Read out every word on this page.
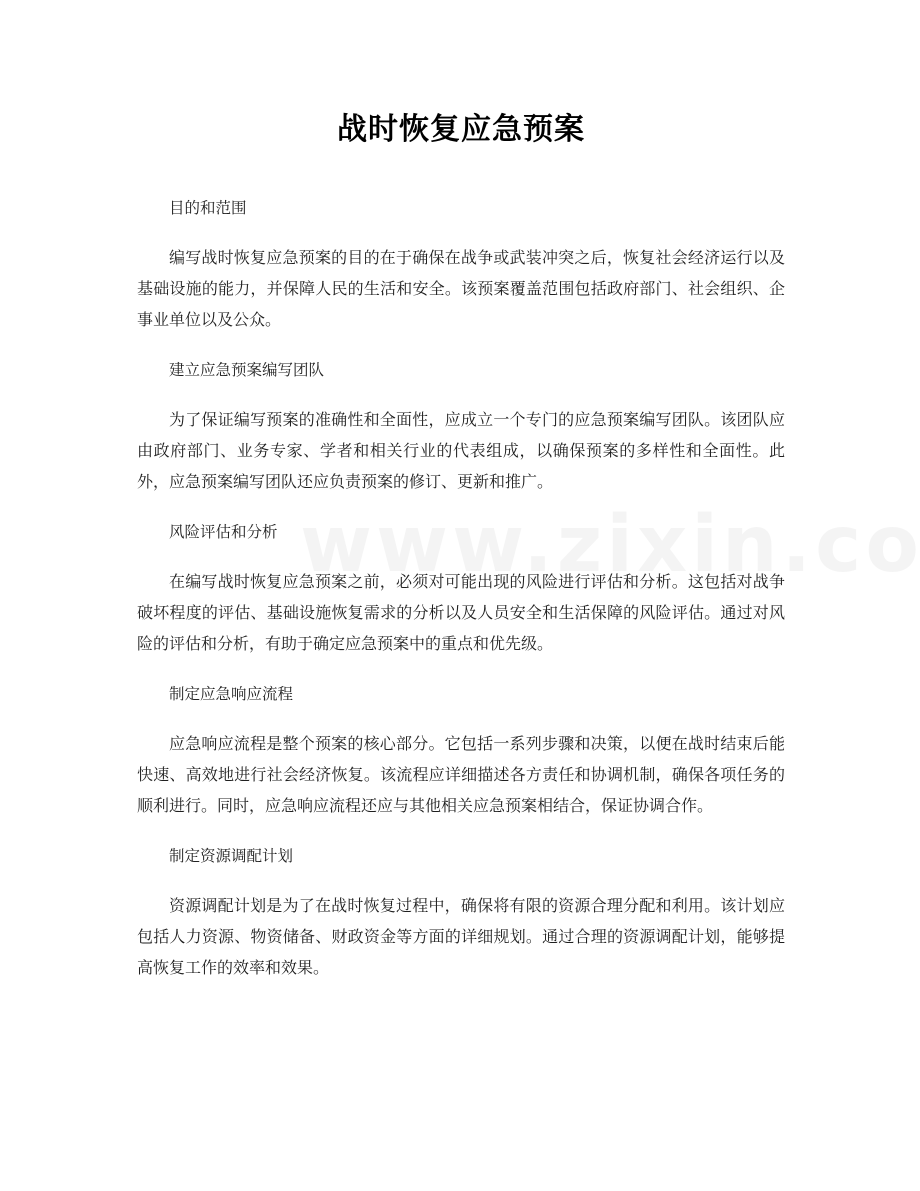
战时恢复应急预案

目的和范围

编写战时恢复应急预案的目的在于确保在战争或武装冲突之后，恢复社会经济运行以及基础设施的能力，并保障人民的生活和安全。该预案覆盖范围包括政府部门、社会组织、企事业单位以及公众。

建立应急预案编写团队

为了保证编写预案的准确性和全面性，应成立一个专门的应急预案编写团队。该团队应由政府部门、业务专家、学者和相关行业的代表组成，以确保预案的多样性和全面性。此外，应急预案编写团队还应负责预案的修订、更新和推广。

风险评估和分析

在编写战时恢复应急预案之前，必须对可能出现的风险进行评估和分析。这包括对战争破坏程度的评估、基础设施恢复需求的分析以及人员安全和生活保障的风险评估。通过对风险的评估和分析，有助于确定应急预案中的重点和优先级。

制定应急响应流程

应急响应流程是整个预案的核心部分。它包括一系列步骤和决策，以便在战时结束后能快速、高效地进行社会经济恢复。该流程应详细描述各方责任和协调机制，确保各项任务的顺利进行。同时，应急响应流程还应与其他相关应急预案相结合，保证协调合作。

制定资源调配计划

资源调配计划是为了在战时恢复过程中，确保将有限的资源合理分配和利用。该计划应包括人力资源、物资储备、财政资金等方面的详细规划。通过合理的资源调配计划，能够提高恢复工作的效率和效果。
